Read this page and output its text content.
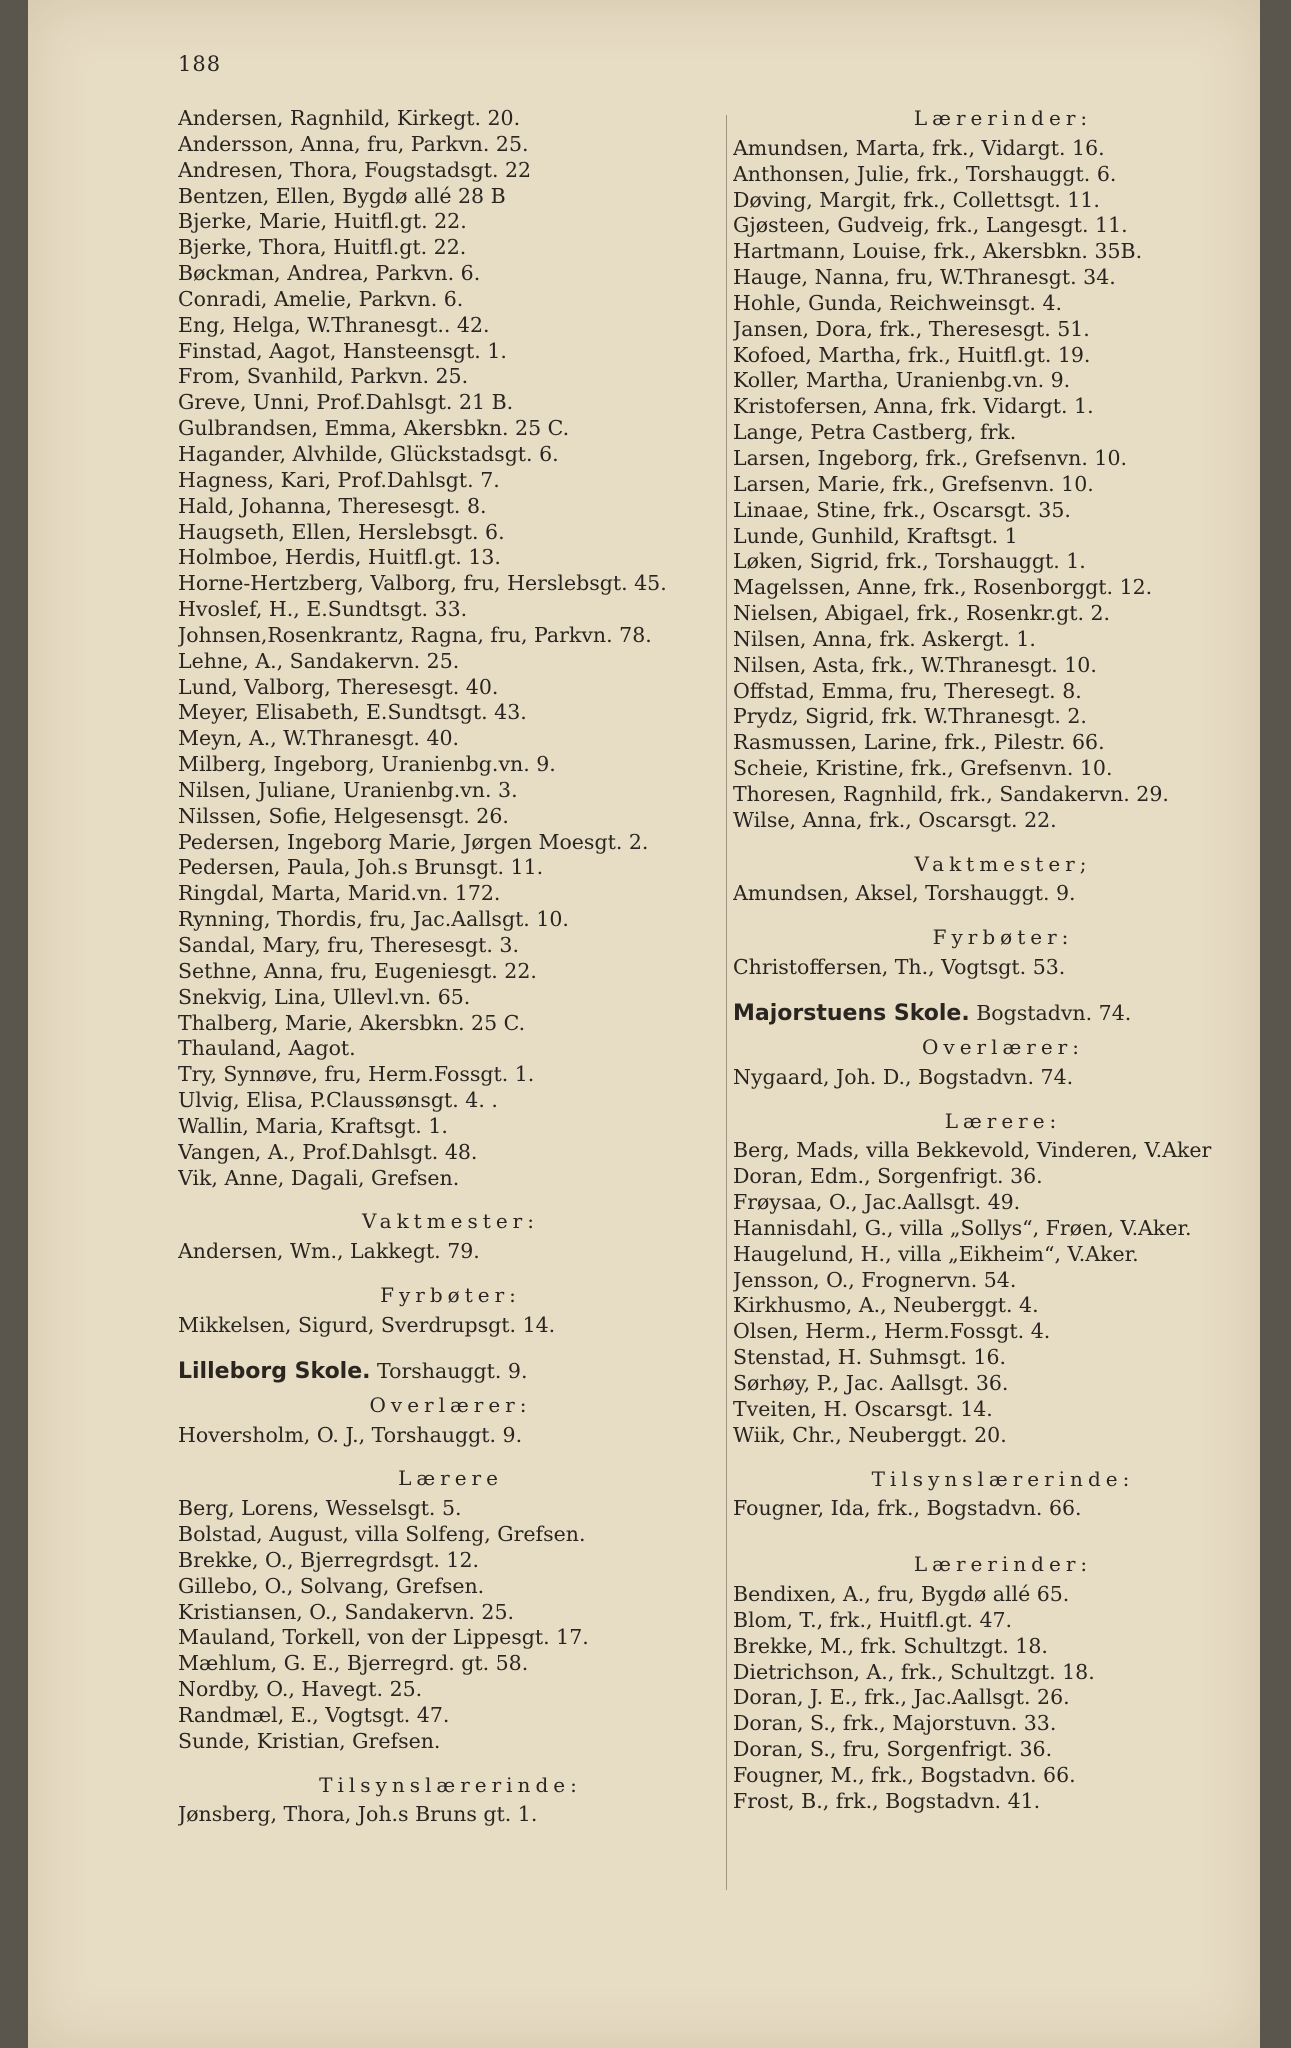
188
Andersen, Ragnhild, Kirkegt. 20.
Andersson, Anna, fru, Parkvn. 25.
Andresen, Thora, Fougstadsgt. 22
Bentzen, Ellen, Bygdø allé 28 B
Bjerke, Marie, Huitfl.gt. 22.
Bjerke, Thora, Huitfl.gt. 22.
Bøckman, Andrea, Parkvn. 6.
Conradi, Amelie, Parkvn. 6.
Eng, Helga, W.Thranesgt.. 42.
Finstad, Aagot, Hansteensgt. 1.
From, Svanhild, Parkvn. 25.
Greve, Unni, Prof.Dahlsgt. 21 B.
Gulbrandsen, Emma, Akersbkn. 25 C.
Hagander, Alvhilde, Glückstadsgt. 6.
Hagness, Kari, Prof.Dahlsgt. 7.
Hald, Johanna, Theresesgt. 8.
Haugseth, Ellen, Herslebsgt. 6.
Holmboe, Herdis, Huitfl.gt. 13.
Horne-Hertzberg, Valborg, fru, Herslebsgt. 45.
Hvoslef, H., E.Sundtsgt. 33.
Johnsen,Rosenkrantz, Ragna, fru, Parkvn. 78.
Lehne, A., Sandakervn. 25.
Lund, Valborg, Theresesgt. 40.
Meyer, Elisabeth, E.Sundtsgt. 43.
Meyn, A., W.Thranesgt. 40.
Milberg, Ingeborg, Uranienbg.vn. 9.
Nilsen, Juliane, Uranienbg.vn. 3.
Nilssen, Sofie, Helgesensgt. 26.
Pedersen, Ingeborg Marie, Jørgen Moesgt. 2.
Pedersen, Paula, Joh.s Brunsgt. 11.
Ringdal, Marta, Marid.vn. 172.
Rynning, Thordis, fru, Jac.Aallsgt. 10.
Sandal, Mary, fru, Theresesgt. 3.
Sethne, Anna, fru, Eugeniesgt. 22.
Snekvig, Lina, Ullevl.vn. 65.
Thalberg, Marie, Akersbkn. 25 C.
Thauland, Aagot.
Try, Synnøve, fru, Herm.Fossgt. 1.
Ulvig, Elisa, P.Claussønsgt. 4. .
Wallin, Maria, Kraftsgt. 1.
Vangen, A., Prof.Dahlsgt. 48.
Vik, Anne, Dagali, Grefsen.
Vaktmester:
Andersen, Wm., Lakkegt. 79.
Fyrbøter:
Mikkelsen, Sigurd, Sverdrupsgt. 14.
Lilleborg Skole. Torshauggt. 9.
Overlærer:
Hoversholm, O. J., Torshauggt. 9.
Lærere
Berg, Lorens, Wesselsgt. 5.
Bolstad, August, villa Solfeng, Grefsen.
Brekke, O., Bjerregrdsgt. 12.
Gillebo, O., Solvang, Grefsen.
Kristiansen, O., Sandakervn. 25.
Mauland, Torkell, von der Lippesgt. 17.
Mæhlum, G. E., Bjerregrd. gt. 58.
Nordby, O., Havegt. 25.
Randmæl, E., Vogtsgt. 47.
Sunde, Kristian, Grefsen.
Tilsynslærerinde:
Jønsberg, Thora, Joh.s Bruns gt. 1.
Lærerinder:
Amundsen, Marta, frk., Vidargt. 16.
Anthonsen, Julie, frk., Torshauggt. 6.
Døving, Margit, frk., Collettsgt. 11.
Gjøsteen, Gudveig, frk., Langesgt. 11.
Hartmann, Louise, frk., Akersbkn. 35B.
Hauge, Nanna, fru, W.Thranesgt. 34.
Hohle, Gunda, Reichweinsgt. 4.
Jansen, Dora, frk., Theresesgt. 51.
Kofoed, Martha, frk., Huitfl.gt. 19.
Koller, Martha, Uranienbg.vn. 9.
Kristofersen, Anna, frk. Vidargt. 1.
Lange, Petra Castberg, frk.
Larsen, Ingeborg, frk., Grefsenvn. 10.
Larsen, Marie, frk., Grefsenvn. 10.
Linaae, Stine, frk., Oscarsgt. 35.
Lunde, Gunhild, Kraftsgt. 1
Løken, Sigrid, frk., Torshauggt. 1.
Magelssen, Anne, frk., Rosenborggt. 12.
Nielsen, Abigael, frk., Rosenkr.gt. 2.
Nilsen, Anna, frk. Askergt. 1.
Nilsen, Asta, frk., W.Thranesgt. 10.
Offstad, Emma, fru, Theresegt. 8.
Prydz, Sigrid, frk. W.Thranesgt. 2.
Rasmussen, Larine, frk., Pilestr. 66.
Scheie, Kristine, frk., Grefsenvn. 10.
Thoresen, Ragnhild, frk., Sandakervn. 29.
Wilse, Anna, frk., Oscarsgt. 22.
Vaktmester;
Amundsen, Aksel, Torshauggt. 9.
Fyrbøter:
Christoffersen, Th., Vogtsgt. 53.
Majorstuens Skole. Bogstadvn. 74.
Overlærer:
Nygaard, Joh. D., Bogstadvn. 74.
Lærere:
Berg, Mads, villa Bekkevold, Vinderen, V.Aker
Doran, Edm., Sorgenfrigt. 36.
Frøysaa, O., Jac.Aallsgt. 49.
Hannisdahl, G., villa „Sollys“, Frøen, V.Aker.
Haugelund, H., villa „Eikheim“, V.Aker.
Jensson, O., Frognervn. 54.
Kirkhusmo, A., Neuberggt. 4.
Olsen, Herm., Herm.Fossgt. 4.
Stenstad, H. Suhmsgt. 16.
Sørhøy, P., Jac. Aallsgt. 36.
Tveiten, H. Oscarsgt. 14.
Wiik, Chr., Neuberggt. 20.
Tilsynslærerinde:
Fougner, Ida, frk., Bogstadvn. 66.
Lærerinder:
Bendixen, A., fru, Bygdø allé 65.
Blom, T., frk., Huitfl.gt. 47.
Brekke, M., frk. Schultzgt. 18.
Dietrichson, A., frk., Schultzgt. 18.
Doran, J. E., frk., Jac.Aallsgt. 26.
Doran, S., frk., Majorstuvn. 33.
Doran, S., fru, Sorgenfrigt. 36.
Fougner, M., frk., Bogstadvn. 66.
Frost, B., frk., Bogstadvn. 41.
